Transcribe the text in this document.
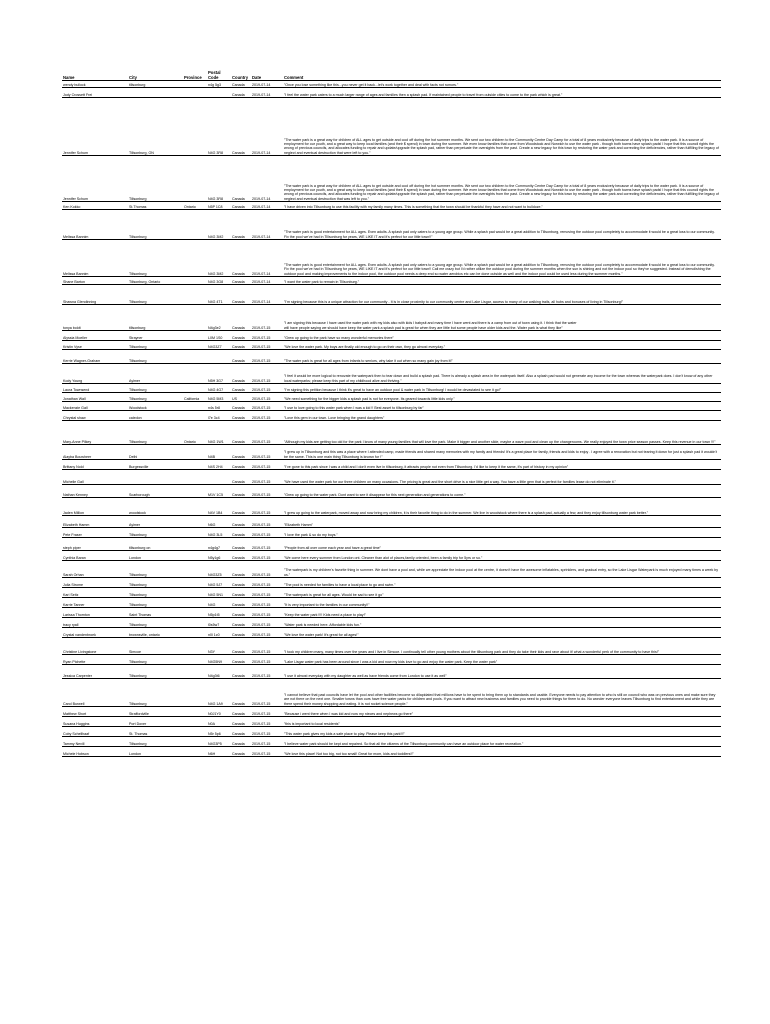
Name	City	Province	Postal Code	Country	Date	Comment
wendy bullock	tillsonburg		n4g 5g3	Canada	2019-07-14	"Once you lose something like this...you never get it back...let's work together and deal with facts not rumors."
Jody Crossett Frei				Canada	2019-07-14	"I feel the water park caters to a much larger range of ages and families then a splash pad. If maintained people to travel from outside cities to come to the park which is great."
Jennifer Schum	Tillsonburg, ON		N4G 3R8	Canada	2019-07-14	"The water park is a great way for children of ALL ages to get outside and cool off during the hot summer months. We sent our two children to the Community Centre Day Camp for a total of 8 years exclusively because of daily trips to the water park. It is a source of employment for our youth, and a great way to keep local families (and their $ spend) in town during the summer. We even know families that come from Woodstock and Norwich to use the water park - though both towns have splash pads! I hope that this council rights the wrong of previous councils, and allocates funding to repair and update/upgrade the splash pad, rather than perpetuate the oversights from the past. Create a new legacy for this town by restoring the water park and correcting the deficiencies, rather than fulfilling the legacy of neglect and eventual destruction that were left to you."
Jennifer Schum	Tillsonburg		N4G 3R8	Canada	2019-07-14	"The water park is a great way for children of ALL ages to get outside and cool off during the hot summer months. We sent our two children to the Community Centre Day Camp for a total of 8 years exclusively because of daily trips to the water park. It is a source of employment for our youth, and a great way to keep local families (and their $ spend) in town during the summer. We even know families that come from Woodstock and Norwich to use the water park - though both towns have splash pads! I hope that this council rights the wrong of previous councils, and allocates funding to repair and update/upgrade the splash pad, rather than perpetuate the oversights from the past. Create a new legacy for this town by restoring the water park and correcting the deficiencies, rather than fulfilling the legacy of neglect and eventual destruction that was left to you."
Ken Kokko	St.Thomas	Ontario	N5P 1C8	Canada	2019-07-14	"I have driven into Tillsonburg to use this facility with my family many times. This is something that the town should be thankful they have and not want to bulldoze."
Melissa Bannim	Tillsonburg		N4G 3M2	Canada	2019-07-14	"The water park is good entertainment for ALL ages. Even adults. A splash pad only caters to a young age group. While a splash pad would be a great addition to Tillsonburg, removing the outdoor pool completely to accommodate it would be a great loss to our community. Fix the pool we've had in Tillsonburg for years, WE LIKE IT and it's perfect for our little town!!"
Melissa Bannim	Tillsonburg		N4G 3M2	Canada	2019-07-14	"The water park is good entertainment for ALL ages. Even adults. A splash pad only caters to a young age group. While a splash pad would be a great addition to Tillsonburg, removing the outdoor pool completely to accommodate it would be a great loss to our community. Fix the pool we've had in Tillsonburg for years, WE LIKE IT and it's perfect for our little town!! Call me crazy but I'd rather utilize the outdoor pool during the summer months when the sun is shining and not the indoor pool so they've suggested. Instead of demolishing the outdoor pool and making improvements to the indoor pool, the outdoor pool needs a deep end so water aerobics etc can be done outside as well and the indoor pool could be used less during the summer months."
Shane Barton	Tillsonburg, Ontario		N4G 3G8	Canada	2019-07-14	"I want the water park to remain in Tillsonburg."
Shawna Glendinning	Tillsonburg		N4G 4T1	Canada	2019-07-14	"I'm signing because this is a unique attraction for our community - It is in close proximity to our community centre and Lake Lisgar, access to many of our walking trails, all hubs and bonuses of living in Tillsonburg!"
tonya boldt	tillsonburg		N4g3e2	Canada	2019-07-15	"I am signing this because I have used the water park with my kids also with kids I babysit and many time I have went and there is a camp from out of town using it. I think that the water
will have people saying we should have keep the water park a splash pad is great for when they are little but some people have older kids and the. Water park is what they like"
Alyssia Moeller	Strayner		L0M 1S0	Canada	2019-07-15	"Grew up going to the park have so many wonderful memories there"
Kristin Vyse	Tillsonburg		N4G3Z7	Canada	2019-07-15	"We love the water park. My boys are finally old enough to go on their own, they go almost everyday."
Kerrie Wagner-Graham	Tillsonburg			Canada	2019-07-15	"The water park is great for all ages from infants to seniors, why take it out when so many gain joy from it!"
Kody Young	Aylmer		N5H 3G7	Canada	2019-07-15	"I feel it would be more logical to renovate the waterpark then to tear down and build a splash pad. There is already a splash area in the waterpark itself. Also a splash pad would not generate any income for the town whereas the waterpark does. I don't know of any other local waterparks; please keep this part of my childhood alive and thriving."
Laura Townsend	Tillsonburg		N4G 4G7	Canada	2019-07-15	"I'm signing this petition because I think it's great to have an outdoor pool & water park in Tillsonburg! I would be devastated to see it go!"
Jonathan Wall	Tillsonburg	California	N4G 5M3	US	2019-07-15	"We need something for the bigger kids a splash pad is not for everyone. Its geared towards little kids only."
Mackenzie Gall	Woodstock		n4s 5r8	Canada	2019-07-15	"I use to love going to this water park when I was a kid !! Best asset to tillsonburg by far"
Chrystal shaw	caledon		l7e 3c4	Canada	2019-07-15	"Love this gem in our town. Love bringing the grand daughters"
Mary-Anne Pilkey	Tillsonburg	Ontario	N4G 1W1	Canada	2019-07-15	"Although my kids are getting too old for the park I know of many young families that will love the park. Make it bigger and another slide, maybe a wave pool and clean up the changerooms. We really enjoyed the town price season passes. Keep this revenue in our town !!!"
Alayba Bouwheer	Delhi		N4B	Canada	2019-07-15	"I grew up in Tillsonburg and this was a place where I attended camp, made friends and shared many memories with my family and friends! It's a great place for family, friends and kids to enjoy . I agree with a renovation but not tearing it down for just a splash pad it wouldn't be the same. This is one main thing Tillsonburg is known for !"
Brittany Nold	Burgessville		N4S 2H4	Canada	2019-07-15	"I've gone to this park since I was a child and I don't even live in tillsonburg, it attracts people not even from Tillsonburg. I'd like to keep it the same, it's part of history in my opinion"
Michelle Gall				Canada	2019-07-15	"We have used the water park for our three children on many occasions. The pricing is great and the short drive is a nice little get a way. You have a little gem that is perfect for families lease do not eliminate it."
Nathan Kenney	Scarborough		M1V 1C5	Canada	2019-07-15	"Grew up going to the water park. Dont want to see it disappear for this next generation and generations to come."
Jaden Million	woodstock		N4V 1B4	Canada	2019-07-15	"I grew up going to the waterpark, moved away and now bring my children, it is their favorite thing to do in the summer. We live in woodstock where there is a splash pad, actually a few, and they enjoy tillsonburg water park better."
Elizabeth Hamm	Aylmer		N6G	Canada	2019-07-15	"Elizabeth Hamm"
Pete Fraser	Tillsonburg		N4G 3L5	Canada	2019-07-15	"I love the park & so do my boys."
steph piper	tillsonburg on		n4g4g7	Canada	2019-07-15	"People from all over come each year and have a great time"
Cynthia Baran	London		N5y1g6	Canada	2019-07-15	"We come here every summer from London ont. Cleaner than alot of places,family oriented, been a family trip for 5yrs or so."
Sarah Orhan	Tillsonburg		N4G3Z5	Canada	2019-07-15	"The waterpark is my children's favorite thing in summer. We dont have a pool and, while we appreciate the indoor pool at the centre, it doesn't have the awesome inflatables, sprinklers, and gradual entry, so the Lake Lisgar Waterpark is much enjoyed many times a week by us."
Julia Strome	Tillsonburg		N4G 5J7	Canada	2019-07-15	"The pool is needed for families to have a local place to go and swim."
Kari Seitz	Tillsonburg		N4G 5N1	Canada	2019-07-15	"The waterpark is great for all ages. Would be sad to see it go"
Karrie Tanner	Tillsonburg		N4G	Canada	2019-07-15	"It is very important to the families in our community!!"
Larissa Thornton	Saint Thomas		N5p1t5	Canada	2019-07-15	"Keep the water park !!!! Kids need a place to play!"
tracy ryall	Tillsonburg		l0s5w7	Canada	2019-07-15	"Water park is needed here. Affordable kids fun."
Crystal vandenbroek	brownsville, ontario		n0l 1c0	Canada	2019-07-15	"We love the water park! It's great for all ages!"
Christine Livingstone	Simcoe		N3Y	Canada	2019-07-15	"I took my children many, many times over the years and I live in Simcoe. I continually tell other young mothers about the tillsonburg park and they do take their kids and rave about it! what a wonderful perk of the community to have this!"
Ryan Pichette	Tillsonburg		N4G5N9	Canada	2019-07-15	"Lake Lisgar water park has been around since I was a kid and now my kids love to go and enjoy the water park. Keep the water park"
Jessica Carpenter	Tillsonburg		N4g3t6	Canada	2019-07-15	"I use it almost everyday with my daughter as well as have friends come from London to use it as well"
Carol Burwell	Tillsonburg		N4G 1A9	Canada	2019-07-15	"I cannot believe that past councils have let the pool and other facilities become so dilapidated that millions have to be spent to bring them up to standards and usable. Everyone needs to pay attention to who is still on council who was on previous ones and make sure they are not there on the next one. Smaller towns than ours have free water parks for children and pools. If you want to attract new business and families you need to provide things for them to do. No wonder everyone leaves Tillsonburg to find entertainment and while they are there spend their money shopping and eating. It is not rocket science people."
Matthew Short	Straffordville		N0J1Y0	Canada	2019-07-15	"Because i went there when I was kid and now my nieces and nephews go there"
Susana Huggins	Port Dover		N0A	Canada	2019-07-15	"this is important to local residents"
Coby Schellhaaf	St. Thomas		N5r 5p6	Canada	2019-07-15	"This water park gives my kids a safe place to play. Please keep this park!!!"
Tammy Nevill	Tillsonburg		N4G3P5	Canada	2019-07-15	"I believe water park should be kept and repaired. So that all the citizens of the Tillsonburg community can have an outdoor place for water recreation."
Michele Hobson	London		N6H	Canada	2019-07-15	"We love this place! Not too big, not too small! Great for mom, kids and toddlers!!"
